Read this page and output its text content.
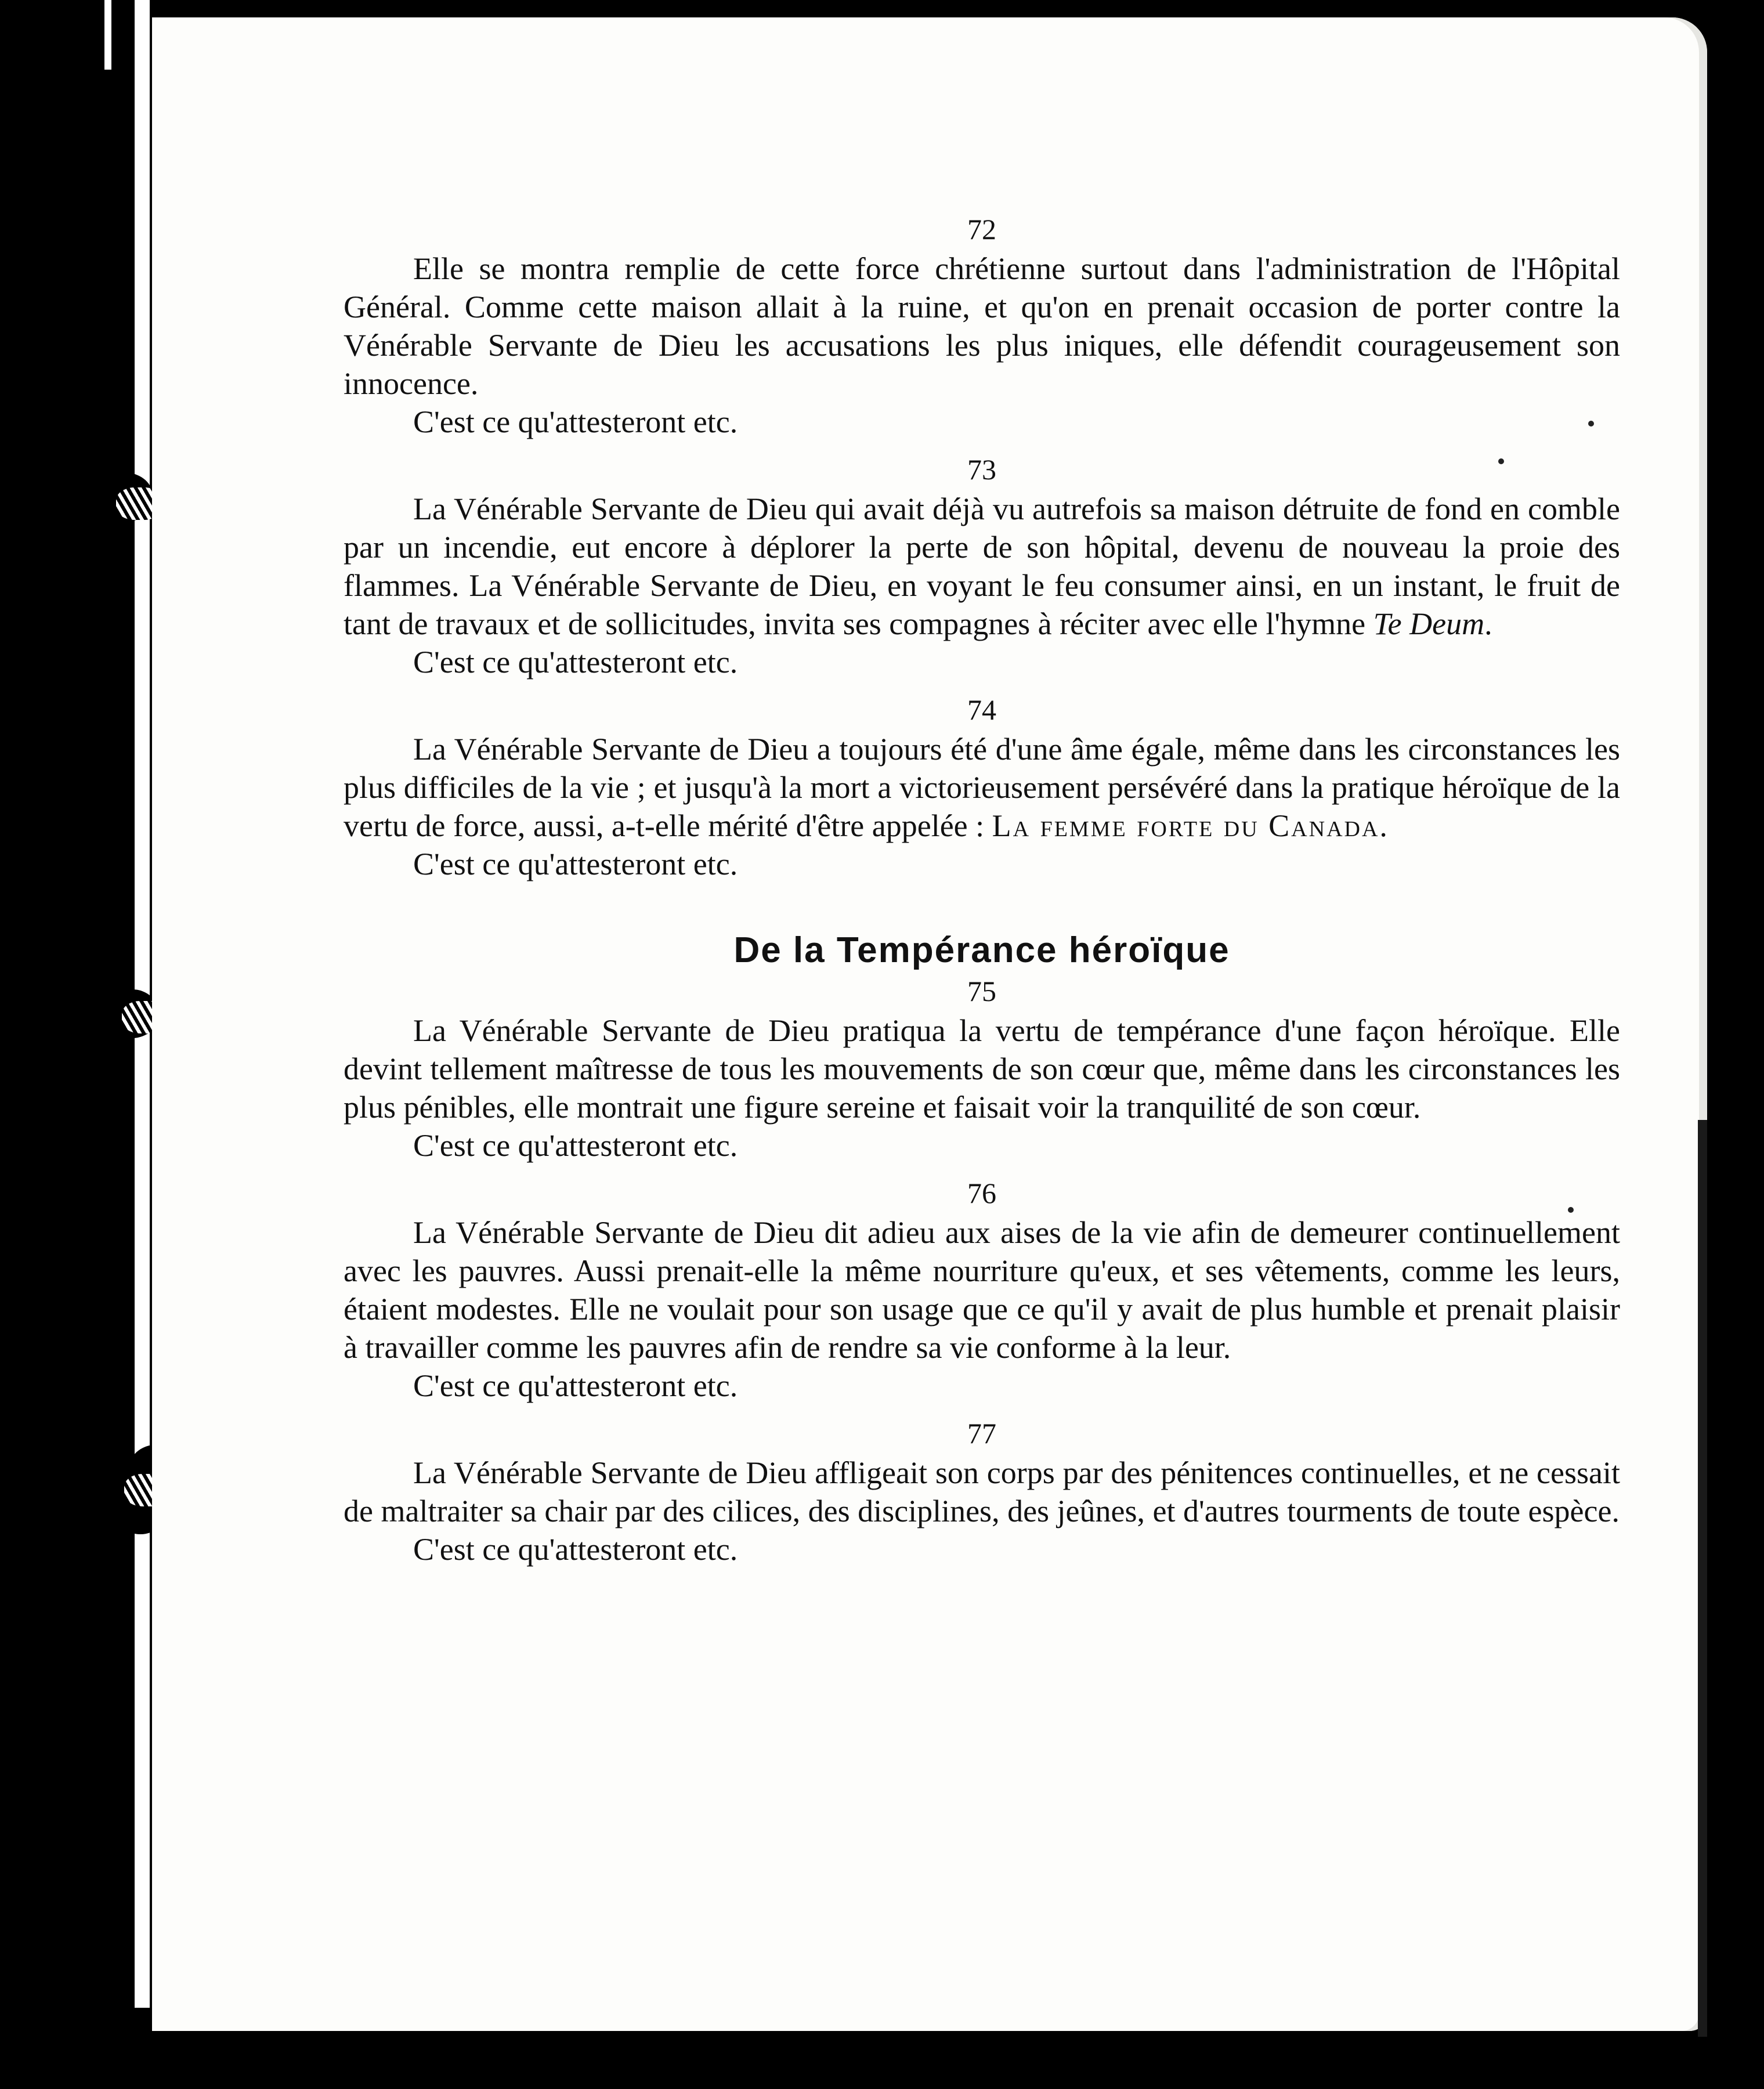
72

Elle se montra remplie de cette force chrétienne surtout dans l'administration de l'Hôpital Général. Comme cette maison allait à la ruine, et qu'on en prenait occasion de porter contre la Vénérable Servante de Dieu les accusations les plus iniques, elle défendit courageusement son innocence.

C'est ce qu'attesteront etc.

73

La Vénérable Servante de Dieu qui avait déjà vu autrefois sa maison détruite de fond en comble par un incendie, eut encore à déplorer la perte de son hôpital, devenu de nouveau la proie des flammes. La Vénérable Servante de Dieu, en voyant le feu consumer ainsi, en un instant, le fruit de tant de travaux et de sollicitudes, invita ses compagnes à réciter avec elle l'hymne Te Deum.

C'est ce qu'attesteront etc.

74

La Vénérable Servante de Dieu a toujours été d'une âme égale, même dans les circonstances les plus difficiles de la vie ; et jusqu'à la mort a victorieusement persévéré dans la pratique héroïque de la vertu de force, aussi, a-t-elle mérité d'être appelée : La femme forte du Canada.

C'est ce qu'attesteront etc.

De la Tempérance héroïque

75

La Vénérable Servante de Dieu pratiqua la vertu de tempérance d'une façon héroïque. Elle devint tellement maîtresse de tous les mouvements de son cœur que, même dans les circonstances les plus pénibles, elle montrait une figure sereine et faisait voir la tranquilité de son cœur.

C'est ce qu'attesteront etc.

76

La Vénérable Servante de Dieu dit adieu aux aises de la vie afin de demeurer continuellement avec les pauvres. Aussi prenait-elle la même nourriture qu'eux, et ses vêtements, comme les leurs, étaient modestes. Elle ne voulait pour son usage que ce qu'il y avait de plus humble et prenait plaisir à travailler comme les pauvres afin de rendre sa vie conforme à la leur.

C'est ce qu'attesteront etc.

77

La Vénérable Servante de Dieu affligeait son corps par des pénitences continuelles, et ne cessait de maltraiter sa chair par des cilices, des disciplines, des jeûnes, et d'autres tourments de toute espèce.

C'est ce qu'attesteront etc.
